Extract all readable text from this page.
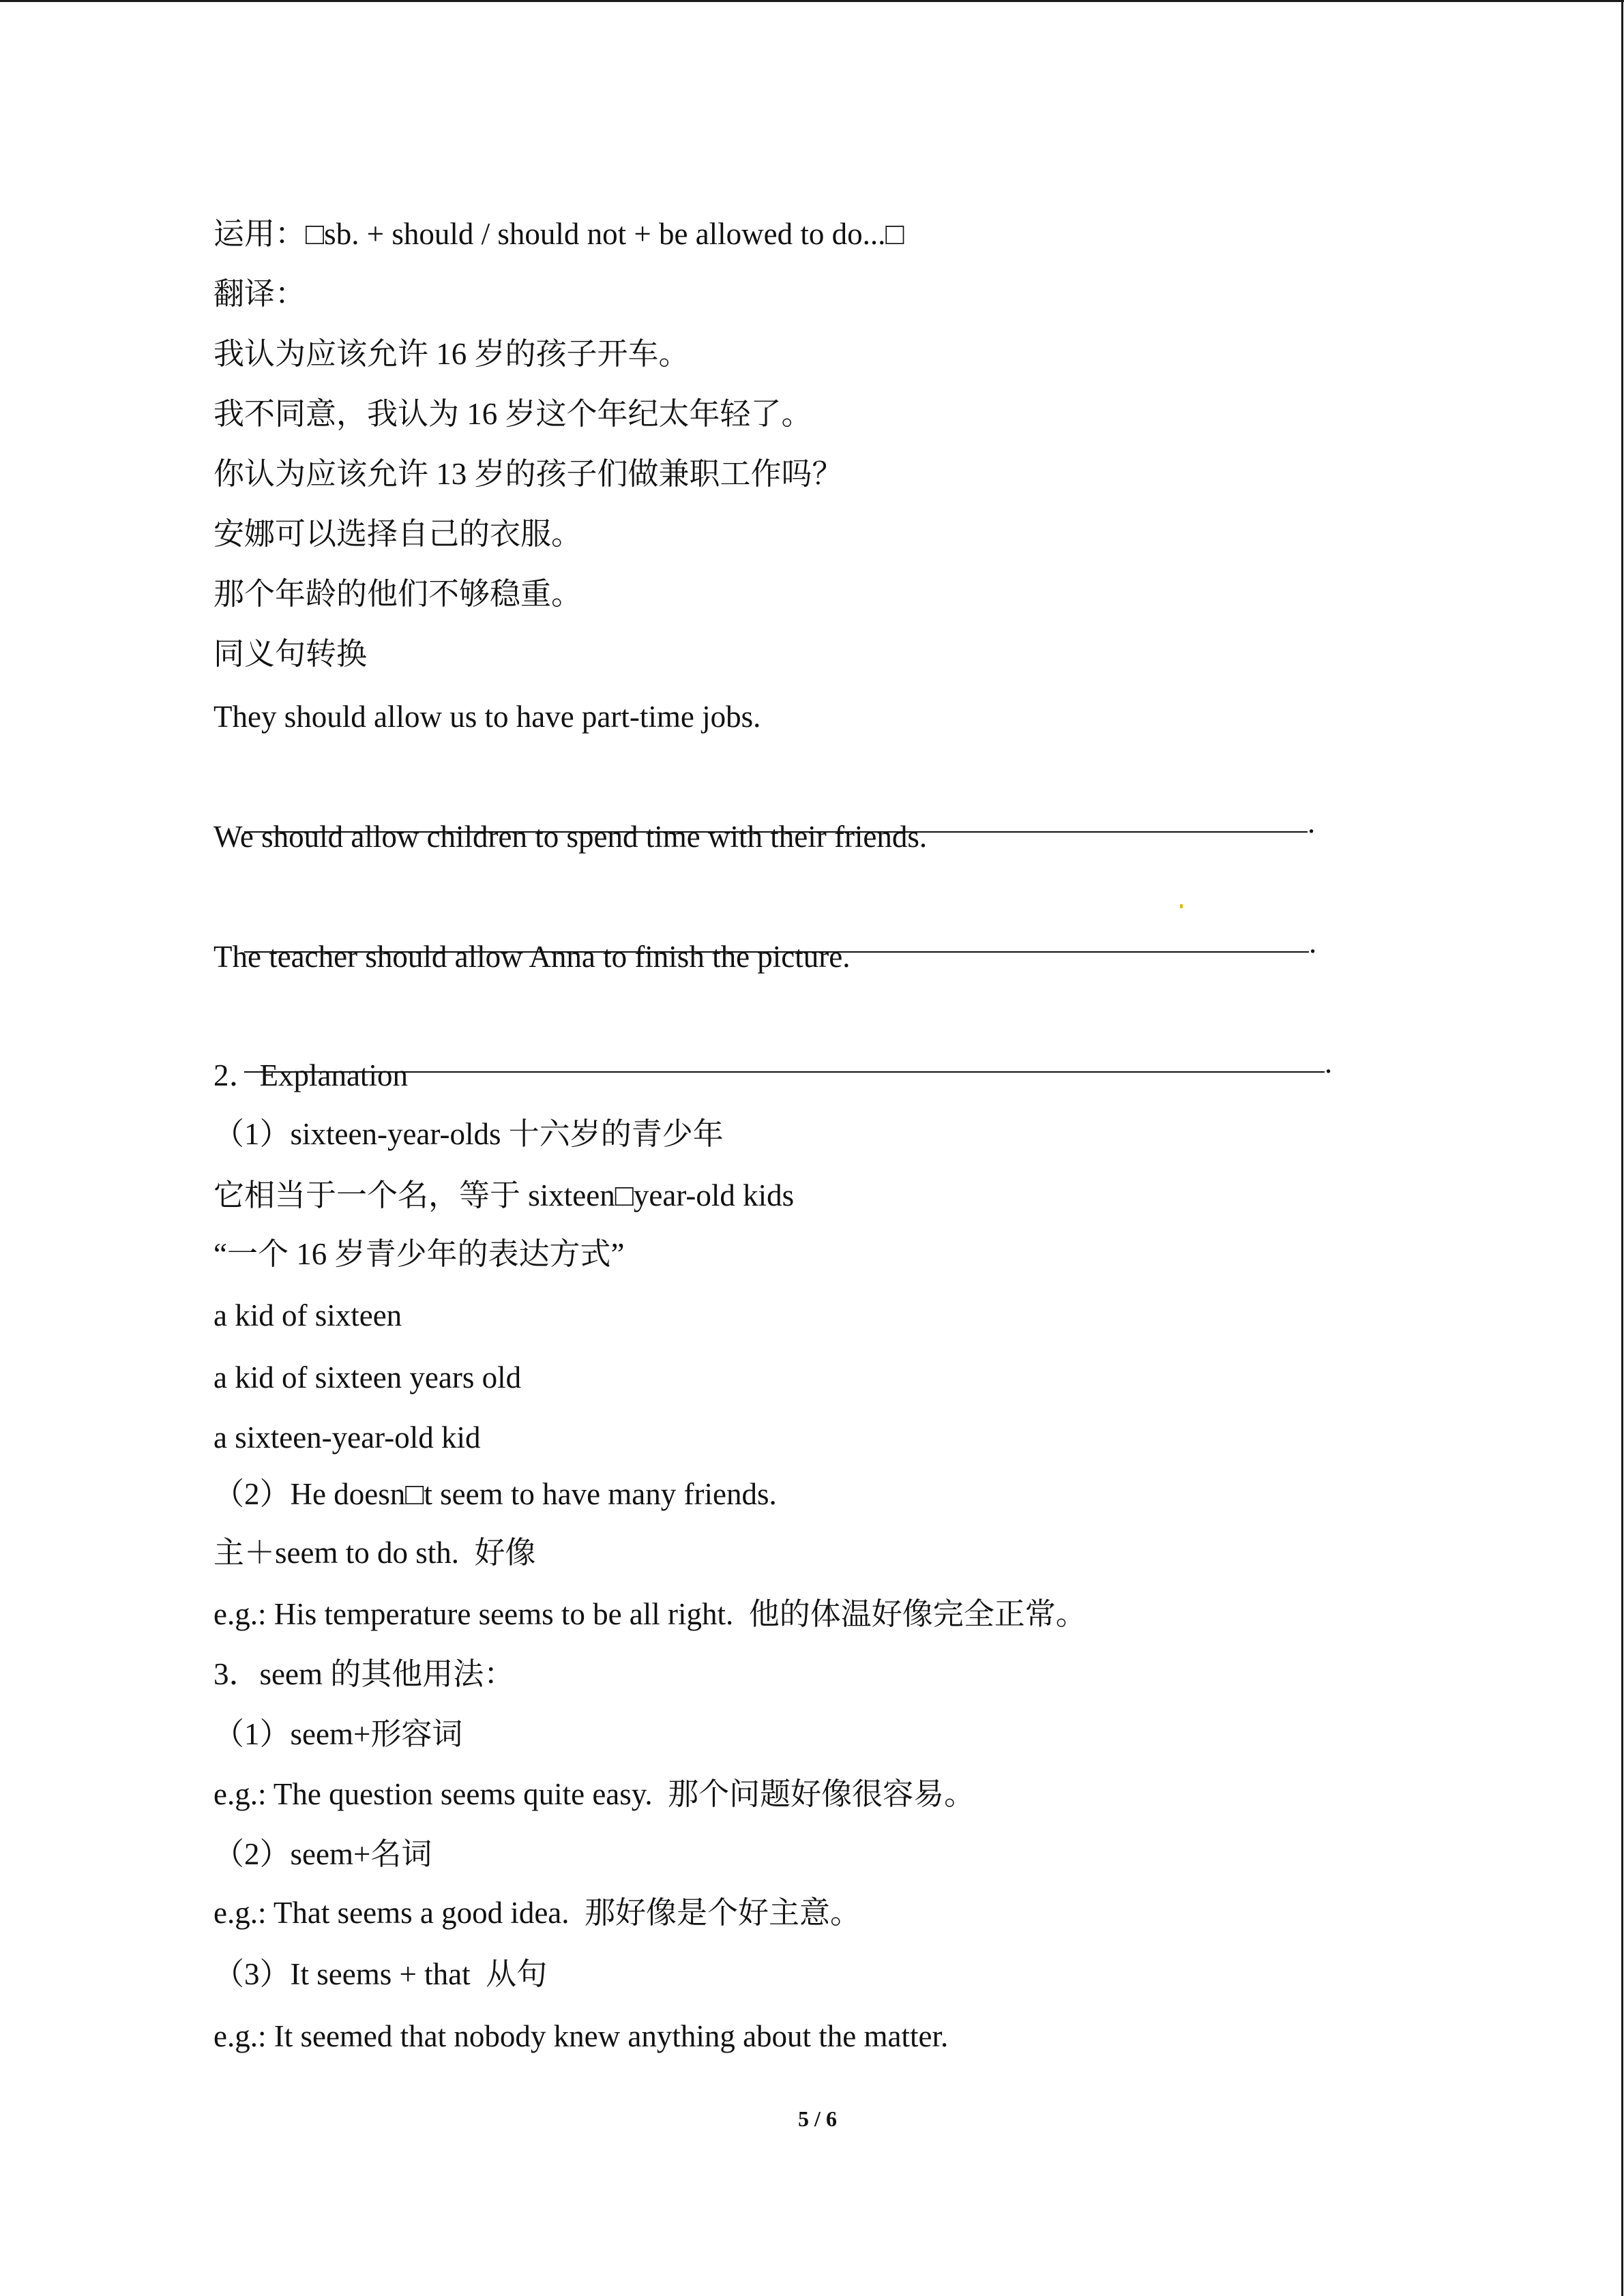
运用：□sb. + should / should not + be allowed to do...□
翻译：
我认为应该允许 16 岁的孩子开车。
我不同意，我认为 16 岁这个年纪太年轻了。
你认为应该允许 13 岁的孩子们做兼职工作吗？
安娜可以选择自己的衣服。
那个年龄的他们不够稳重。
同义句转换
They should allow us to have part-time jobs.

.

We should allow children to spend time with their friends.

.

The teacher should allow Anna to finish the picture.

.

2．Explanation
（1）sixteen-year-olds 十六岁的青少年
它相当于一个名，等于 sixteen□year-old kids
“一个 16 岁青少年的表达方式”
a kid of sixteen
a kid of sixteen years old
a sixteen-year-old kid
（2）He doesn□t seem to have many friends.
主＋seem to do sth.  好像
e.g.: His temperature seems to be all right.  他的体温好像完全正常。
3．seem 的其他用法：
（1）seem+形容词
e.g.: The question seems quite easy.  那个问题好像很容易。
（2）seem+名词
e.g.: That seems a good idea.  那好像是个好主意。
（3）It seems + that  从句
e.g.: It seemed that nobody knew anything about the matter.
5 / 6
